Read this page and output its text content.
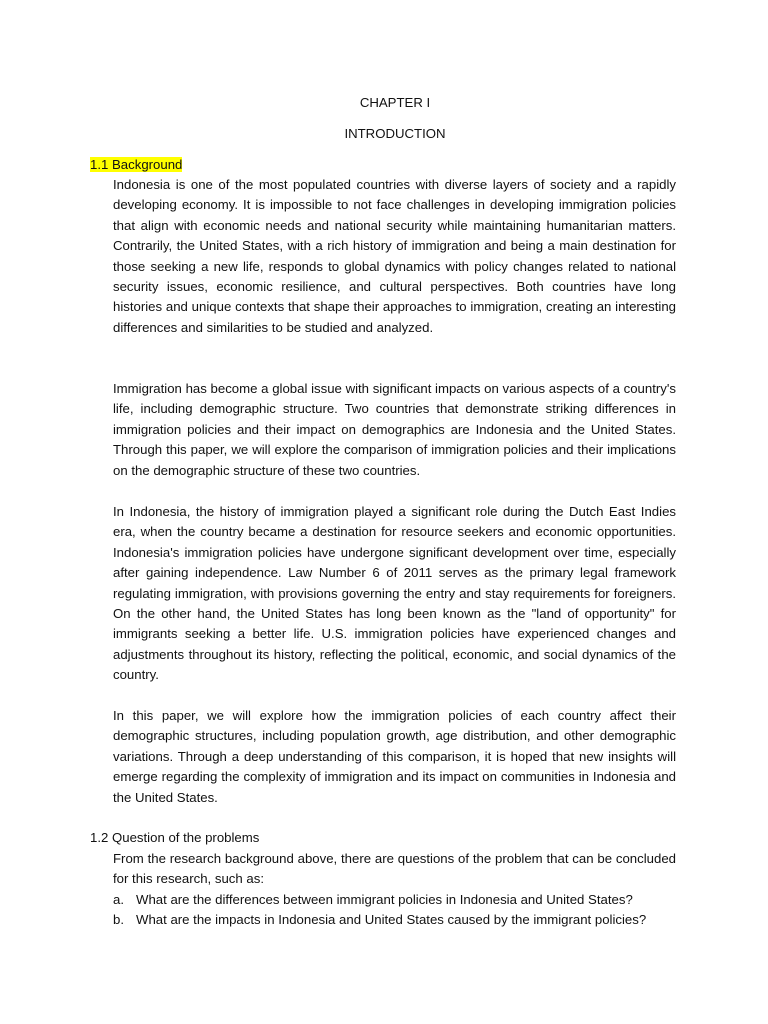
CHAPTER I
INTRODUCTION
1.1 Background

Indonesia is one of the most populated countries with diverse layers of society and a rapidly developing economy. It is impossible to not face challenges in developing immigration policies that align with economic needs and national security while maintaining humanitarian matters. Contrarily, the United States, with a rich history of immigration and being a main destination for those seeking a new life, responds to global dynamics with policy changes related to national security issues, economic resilience, and cultural perspectives. Both countries have long histories and unique contexts that shape their approaches to immigration, creating an interesting differences and similarities to be studied and analyzed.

Immigration has become a global issue with significant impacts on various aspects of a country's life, including demographic structure. Two countries that demonstrate striking differences in immigration policies and their impact on demographics are Indonesia and the United States. Through this paper, we will explore the comparison of immigration policies and their implications on the demographic structure of these two countries.

In Indonesia, the history of immigration played a significant role during the Dutch East Indies era, when the country became a destination for resource seekers and economic opportunities. Indonesia's immigration policies have undergone significant development over time, especially after gaining independence. Law Number 6 of 2011 serves as the primary legal framework regulating immigration, with provisions governing the entry and stay requirements for foreigners. On the other hand, the United States has long been known as the "land of opportunity" for immigrants seeking a better life. U.S. immigration policies have experienced changes and adjustments throughout its history, reflecting the political, economic, and social dynamics of the country.

In this paper, we will explore how the immigration policies of each country affect their demographic structures, including population growth, age distribution, and other demographic variations. Through a deep understanding of this comparison, it is hoped that new insights will emerge regarding the complexity of immigration and its impact on communities in Indonesia and the United States.

1.2 Question of the problems

From the research background above, there are questions of the problem that can be concluded for this research, such as:

a. What are the differences between immigrant policies in Indonesia and United States?
b. What are the impacts in Indonesia and United States caused by the immigrant policies?
